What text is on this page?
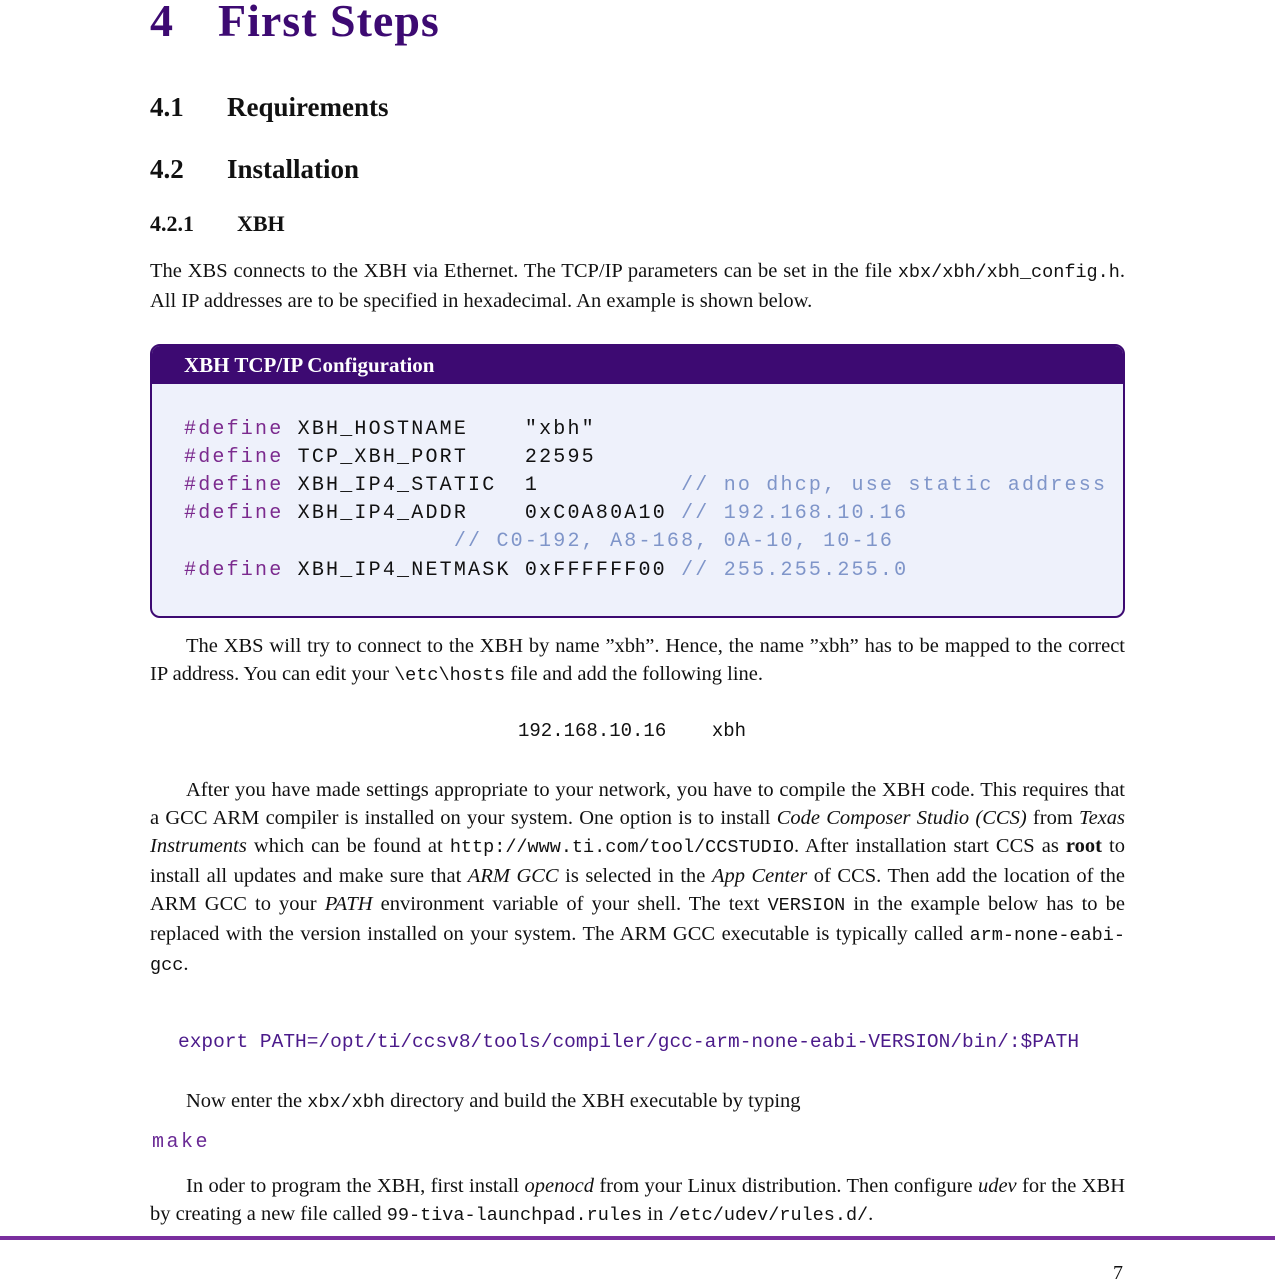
4 First Steps
4.1 Requirements
4.2 Installation
4.2.1 XBH
The XBS connects to the XBH via Ethernet. The TCP/IP parameters can be set in the file xbx/xbh/xbh_config.h. All IP addresses are to be specified in hexadecimal. An example is shown below.
XBH TCP/IP Configuration
#define XBH_HOSTNAME	"xbh"
#define TCP_XBH_PORT	22595
#define XBH_IP4_STATIC 1	// no dhcp, use static address
#define XBH_IP4_ADDR	0xC0A80A10 // 192.168.10.16
// C0-192, A8-168, 0A-10, 10-16
#define XBH_IP4_NETMASK 0xFFFFFF00 // 255.255.255.0
The XBS will try to connect to the XBH by name ”xbh”. Hence, the name ”xbh” has to be mapped to the correct IP address. You can edit your \etc\hosts file and add the following line.
192.168.10.16 xbh
After you have made settings appropriate to your network, you have to compile the XBH code. This requires that a GCC ARM compiler is installed on your system. One option is to install Code Composer Studio (CCS) from Texas Instruments which can be found at http://www.ti.com/tool/CCSTUDIO. After installation start CCS as root to install all updates and make sure that ARM GCC is selected in the App Center of CCS. Then add the location of the ARM GCC to your PATH environment variable of your shell. The text VERSION in the example below has to be replaced with the version installed on your system. The ARM GCC executable is typically called arm-none-eabi-gcc.
export PATH=/opt/ti/ccsv8/tools/compiler/gcc-arm-none-eabi-VERSION/bin/:$PATH
Now enter the xbx/xbh directory and build the XBH executable by typing
make
In oder to program the XBH, first install openocd from your Linux distribution. Then configure udev for the XBH by creating a new file called 99-tiva-launchpad.rules in /etc/udev/rules.d/.
7
